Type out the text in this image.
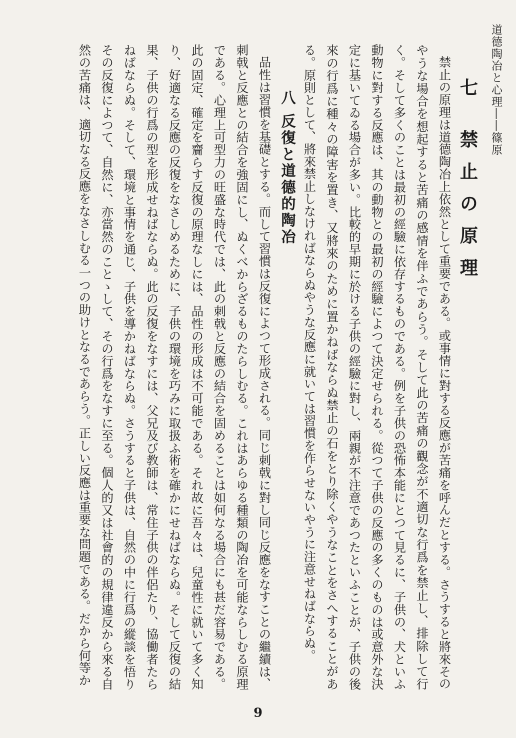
道德陶冶と心理――篠原
七 禁止の原理

禁止の原理は道德陶冶上依然として重要である。或事情に對する反應が苦痛を呼んだとする。さうすると將來そのやうな場合を想起すると苦痛の感情を伴ふであらう。そして此の苦痛の觀念が不適切な行爲を禁止し、排除して行く。そして多くのことは最初の經驗に依存するものである。例を子供の恐怖本能にとつて見るに、子供の、犬といふ動物に對する反應は、其の動物との最初の經驗によつて決定せられる。從つて子供の反應の多くのものは或意外な決定に基いてゐる場合が多い。比較的早期に於ける子供の經驗に對し、兩親が不注意であつたといふことが、子供の後來の行爲に種々の障害を置き、又將來のために置かねばならぬ禁止の石をとり除くやうなことをさへすることがある。原則として、將來禁止しなければならぬやうな反應に就いては習慣を作らせないやうに注意せねばならぬ。

八 反復と道德的陶冶

品性は習慣を基礎とする。而して習慣は反復によつて形成される。同じ刺戟に對し同じ反應をなすことの繼續は、刺戟と反應との結合を強固にし、ぬくべからざるものたらしむる。これはあらゆる種類の陶冶を可能ならしむる原理である。心理上可型力の旺盛な時代では、此の刺戟と反應の結合を固めることは如何なる場合にも甚だ容易である。此の固定、確定を齎らす反復の原理なしには、品性の形成は不可能である。それ故に吾々は、兒童性に就いて多く知り、好適なる反應の反復をなさしめるために、子供の環境を巧みに取扱ふ術を確かにせねばならぬ。そして反復の結果、子供の行爲の型を形成せねばならぬ。此の反復をなすには、父兄及び教師は、常住子供の伴侶たり、協働者たらねばならぬ。そして、環境と事情を通じ、子供を導かねばならぬ。さうすると子供は、自然の中に行爲の縱談を悟りその反復によつて、自然に、亦當然のことゝして、その行爲をなすに至る。個人的又は社會的の規律違反から來る自然の苦痛は、適切なる反應をなさしむる一つの助けとなるであらう。正しい反應は重要な問題である。だから何等か

9
